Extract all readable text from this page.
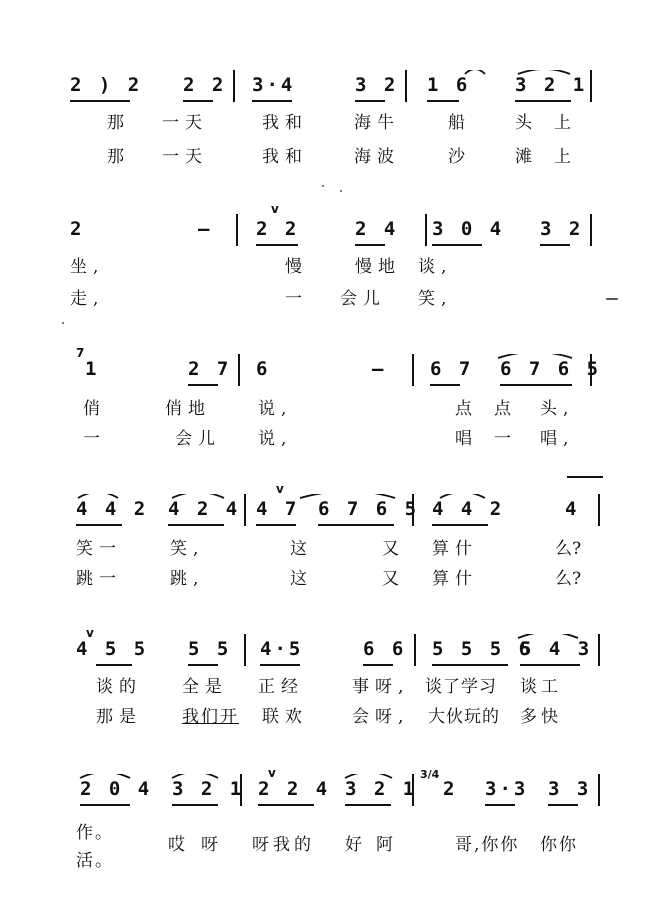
2 ) 2 2 2 3·4	3 2 1 6 3 2 1
那 一天	我和	海牛	船	头上
那 一天	我和	海波	沙	滩上
2	—
v
2 2	2 4 3 0 4 3 2
坐,	慢	慢地 谈,
走,	一 会儿 笑,
7
1	2 7 6	— 6 7 6 7 6 5
俏	俏地	说,	点点 头,
一	会儿 说,	唱一 唱,
4 4 2 4 2 4
v
4 7 6 7 6 5 4 4 2	4
笑一	笑,	这	又 算什	么?
跳一	跳,	这	又 算什	么?
v
4 5 5 5 5 4·5	6 6 5 5 5 6
5 4 3
谈的 全是 正经	事呀, 谈了学习 谈工
那是 我们开 联欢	会呀, 大伙玩的 多快
2 0 4 3 2 1
v
2 2 4 3 2 1
3/4
2 3·3 3 3
作。
活。
哎呀 呀我的 好阿	哥,你你 你你
